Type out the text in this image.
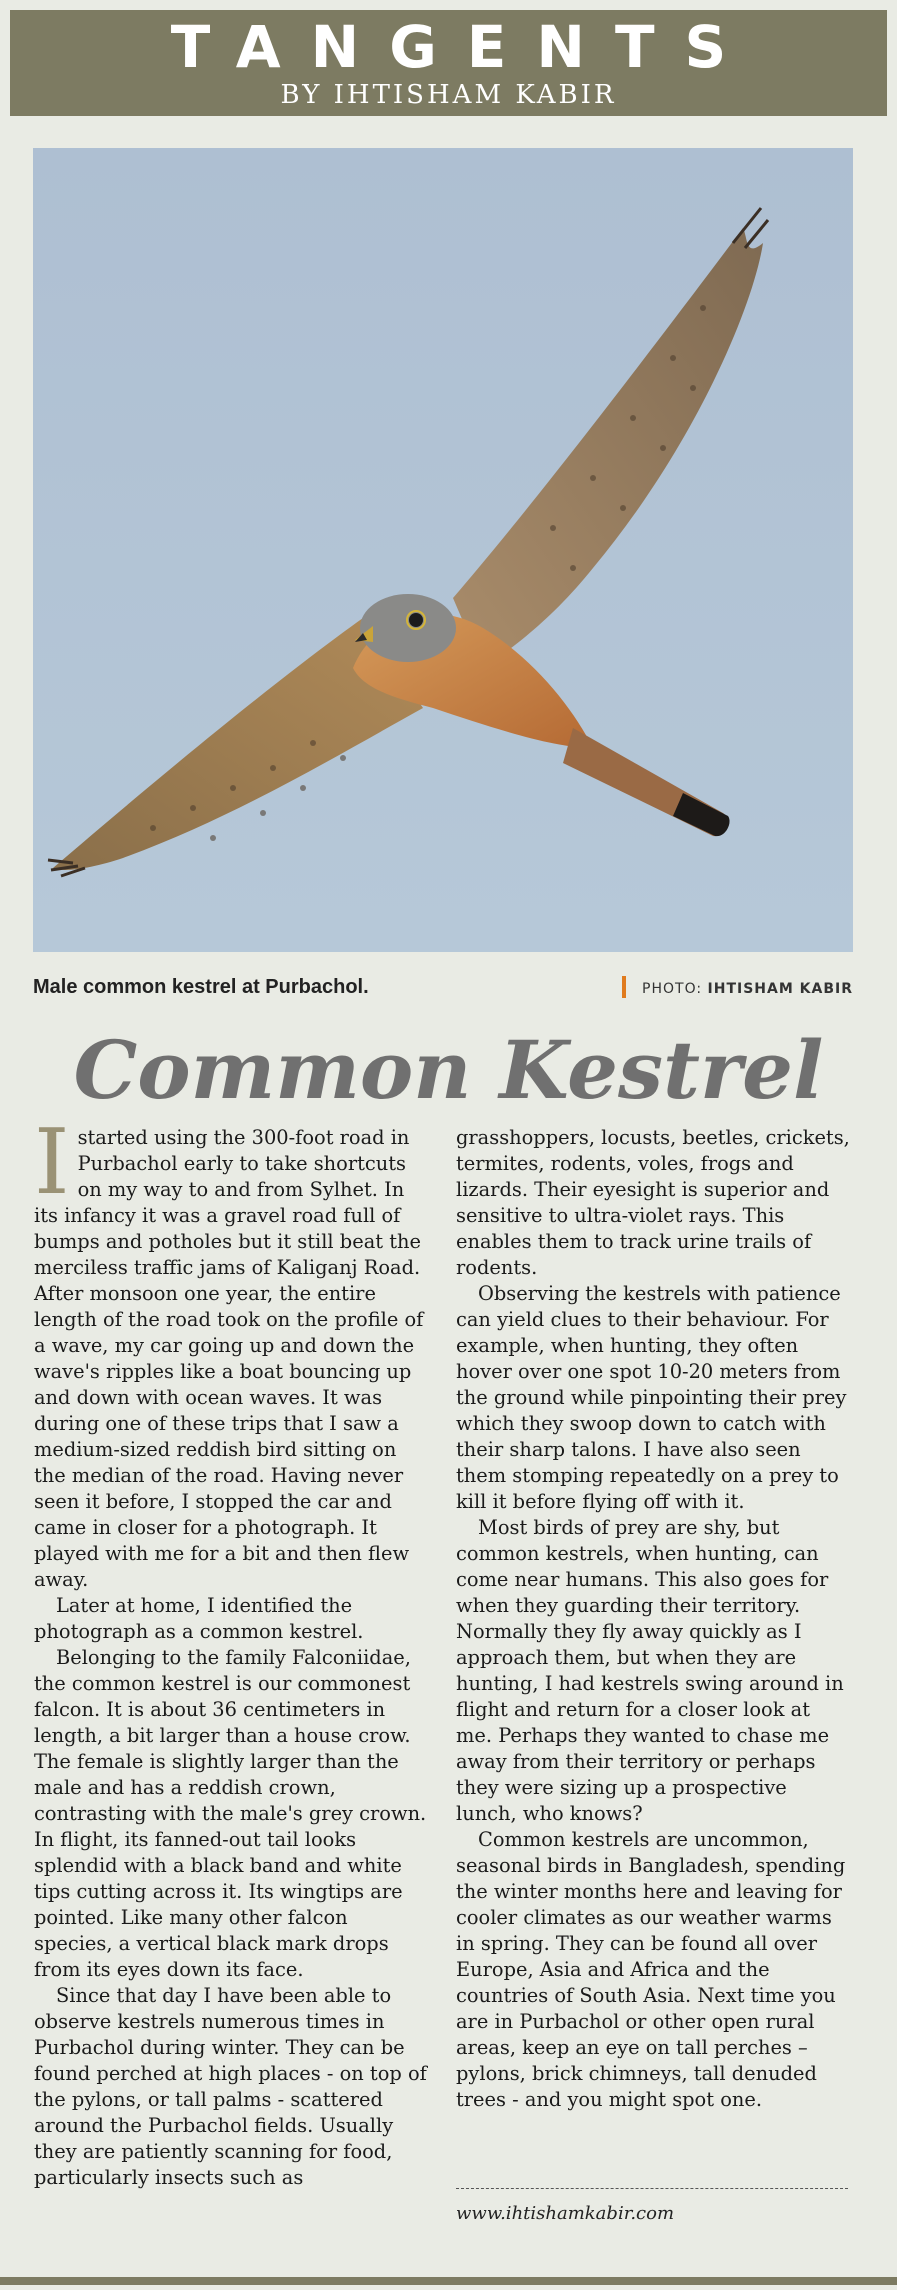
TANGENTS
BY IHTISHAM KABIR
Male common kestrel at Purbachol.	PHOTO: IHTISHAM KABIR
Common Kestrel

Istarted using the 300-foot road in Purbachol early to take shortcuts on my way to and from Sylhet. In its infancy it was a gravel road full of bumps and potholes but it still beat the merciless traffic jams of Kaliganj Road. After monsoon one year, the entire length of the road took on the profile of a wave, my car going up and down the wave's ripples like a boat bouncing up and down with ocean waves. It was during one of these trips that I saw a medium-sized reddish bird sitting on the median of the road. Having never seen it before, I stopped the car and came in closer for a photograph. It played with me for a bit and then flew away.

Later at home, I identified the photograph as a common kestrel.

Belonging to the family Falconiidae, the common kestrel is our commonest falcon. It is about 36 centimeters in length, a bit larger than a house crow. The female is slightly larger than the male and has a reddish crown, contrasting with the male's grey crown. In flight, its fanned-out tail looks splendid with a black band and white tips cutting across it. Its wingtips are pointed. Like many other falcon species, a vertical black mark drops from its eyes down its face.

Since that day I have been able to observe kestrels numerous times in Purbachol during winter. They can be found perched at high places - on top of the pylons, or tall palms - scattered around the Purbachol fields. Usually they are patiently scanning for food, particularly insects such as

grasshoppers, locusts, beetles, crickets, termites, rodents, voles, frogs and lizards. Their eyesight is superior and sensitive to ultra-violet rays. This enables them to track urine trails of rodents.

Observing the kestrels with patience can yield clues to their behaviour. For example, when hunting, they often hover over one spot 10-20 meters from the ground while pinpointing their prey which they swoop down to catch with their sharp talons. I have also seen them stomping repeatedly on a prey to kill it before flying off with it.

Most birds of prey are shy, but common kestrels, when hunting, can come near humans. This also goes for when they guarding their territory. Normally they fly away quickly as I approach them, but when they are hunting, I had kestrels swing around in flight and return for a closer look at me. Perhaps they wanted to chase me away from their territory or perhaps they were sizing up a prospective lunch, who knows?

Common kestrels are uncommon, seasonal birds in Bangladesh, spending the winter months here and leaving for cooler climates as our weather warms in spring. They can be found all over Europe, Asia and Africa and the countries of South Asia. Next time you are in Purbachol or other open rural areas, keep an eye on tall perches – pylons, brick chimneys, tall denuded trees - and you might spot one.

www.ihtishamkabir.com
